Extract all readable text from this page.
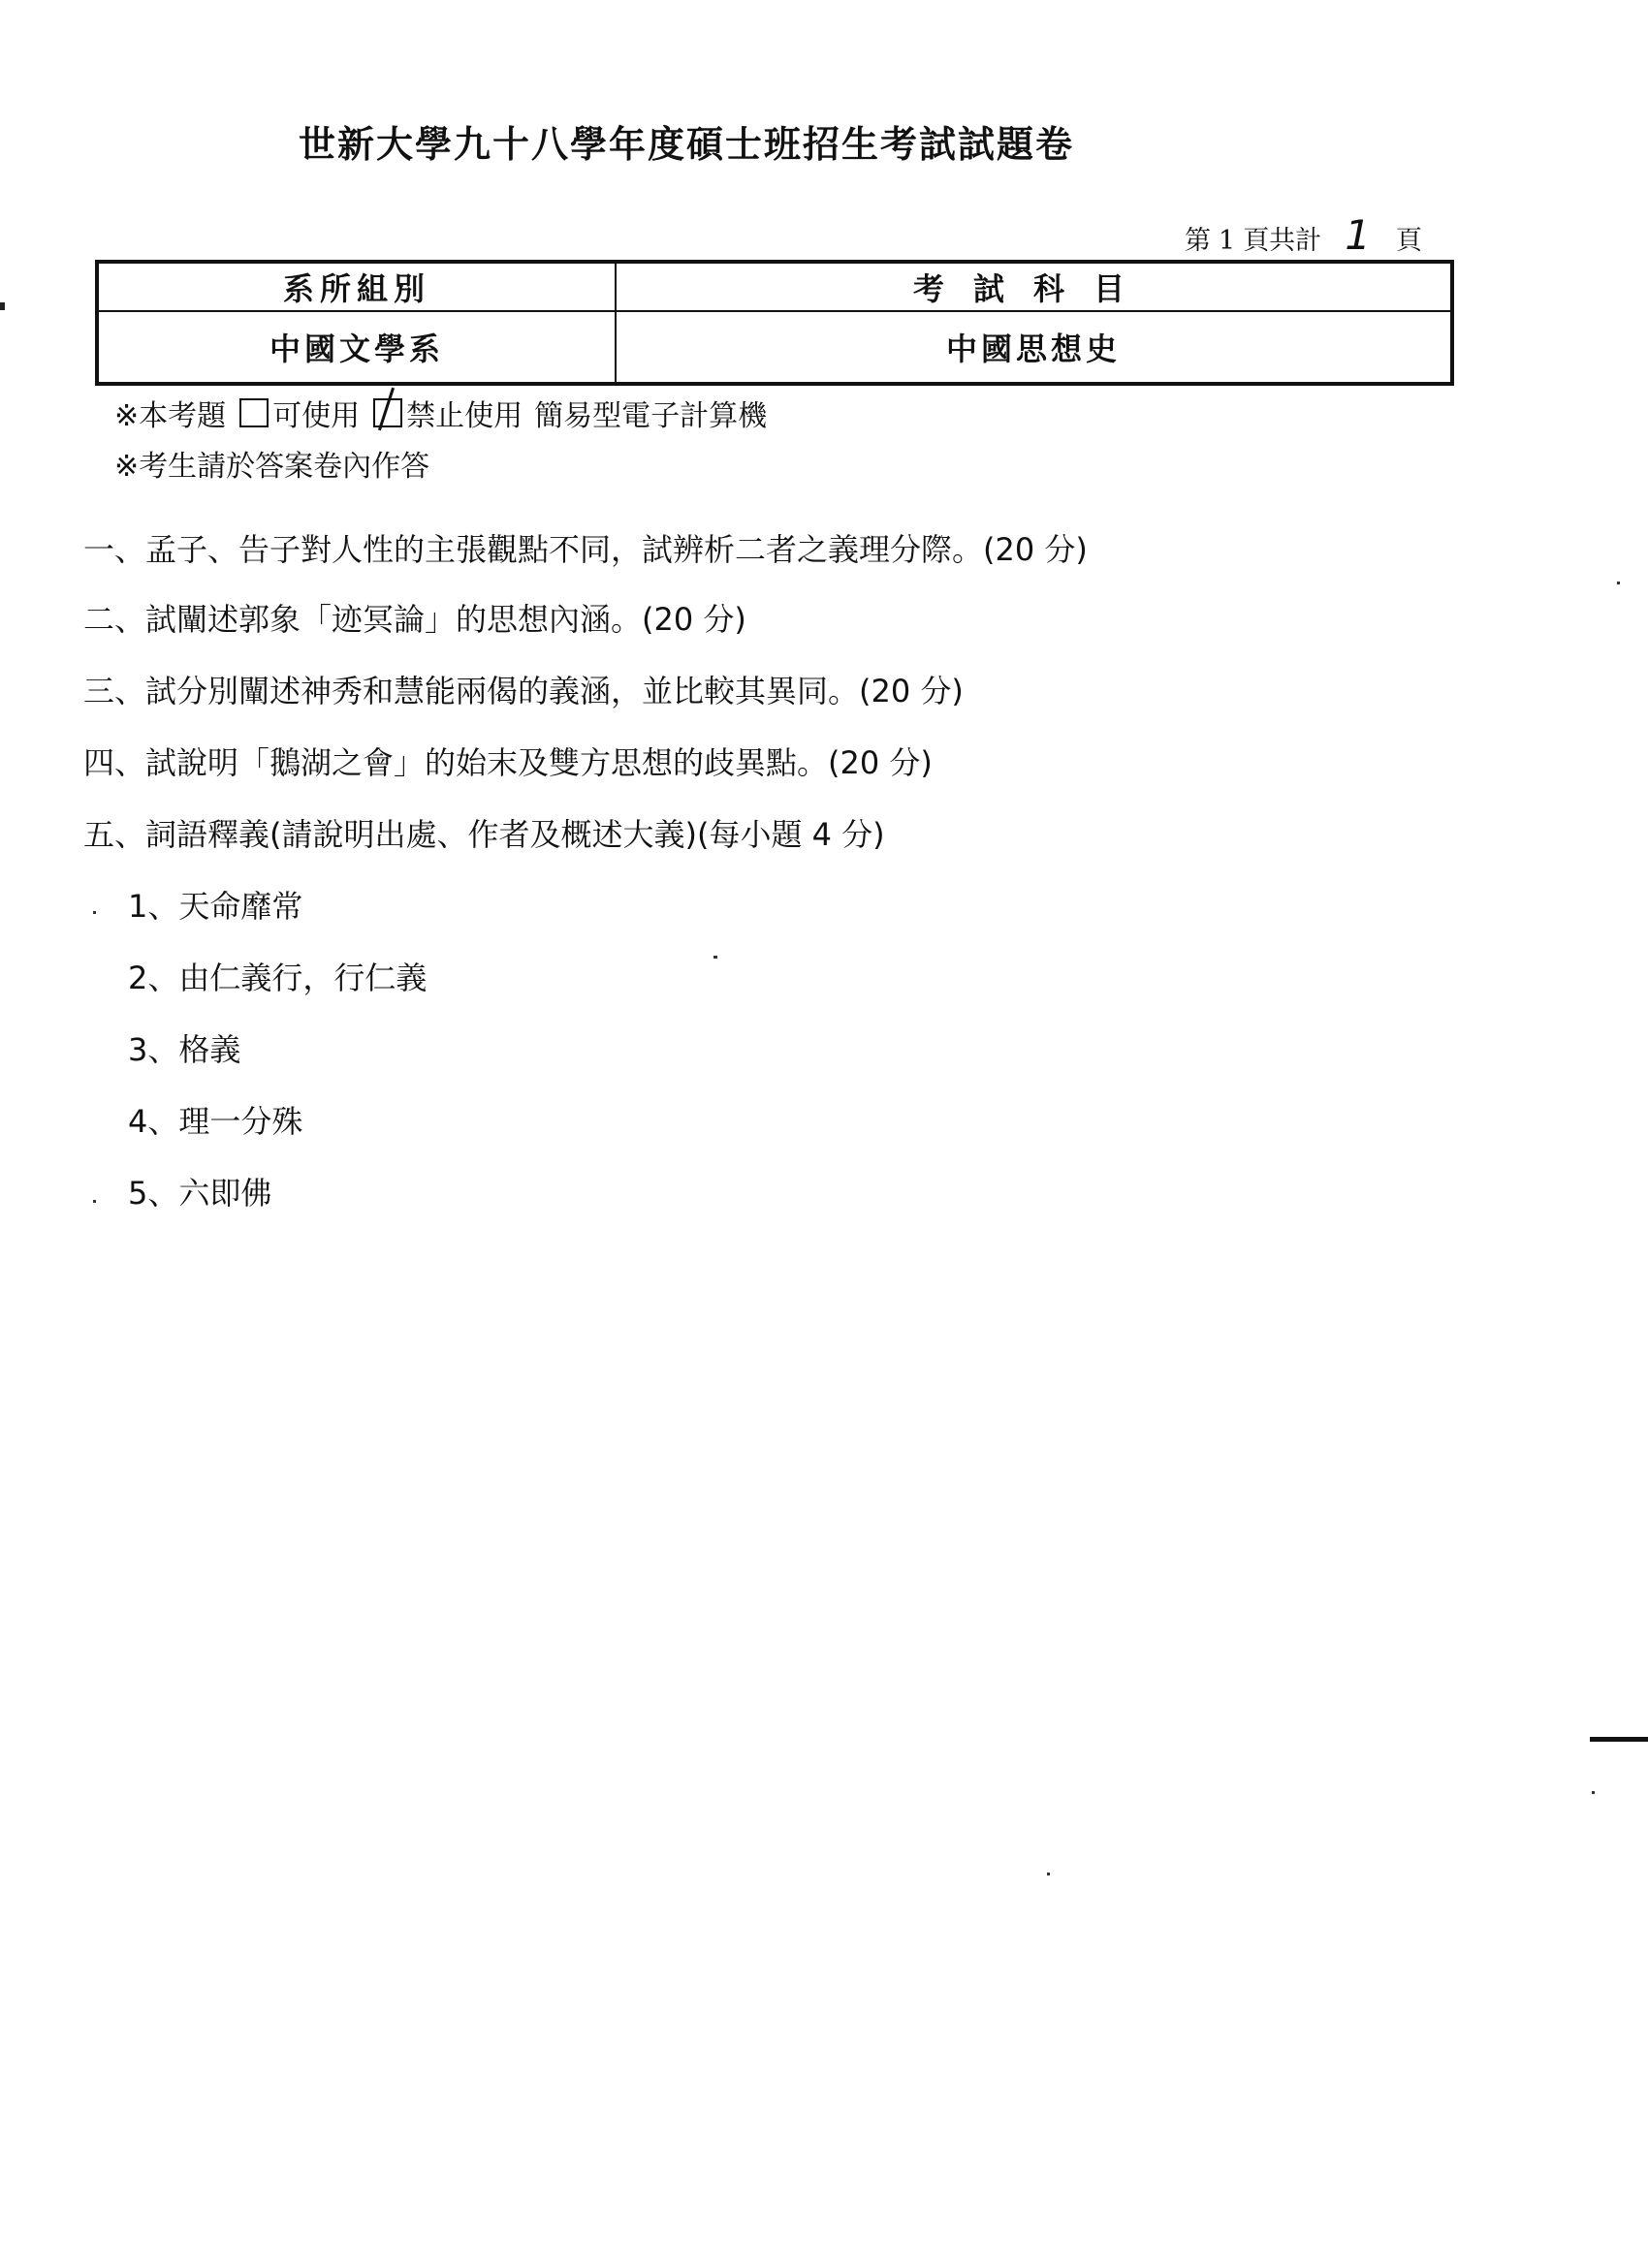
世新大學九十八學年度碩士班招生考試試題卷
第 1 頁共計 1 頁
系所組別	考試科目
中國文學系	中國思想史
※本考題 可使用 禁止使用 簡易型電子計算機
※考生請於答案卷內作答
一、孟子、告子對人性的主張觀點不同，試辨析二者之義理分際。(20 分)
二、試闡述郭象「迹冥論」的思想內涵。(20 分)
三、試分別闡述神秀和慧能兩偈的義涵，並比較其異同。(20 分)
四、試說明「鵝湖之會」的始末及雙方思想的歧異點。(20 分)
五、詞語釋義(請說明出處、作者及概述大義)(每小題 4 分)
1、天命靡常
2、由仁義行，行仁義
3、格義
4、理一分殊
5、六即佛
